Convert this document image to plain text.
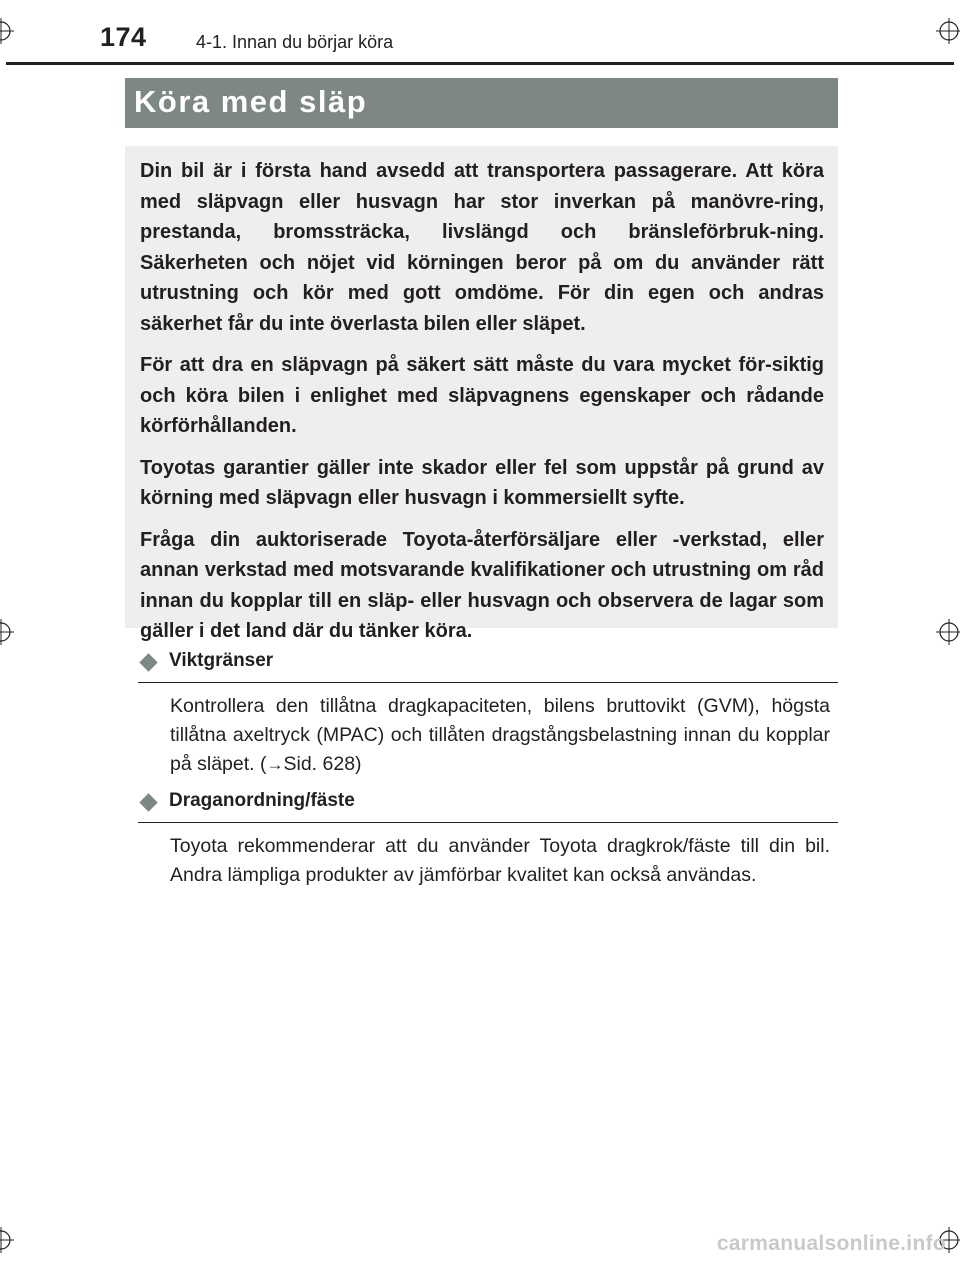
174	4-1. Innan du börjar köra
Köra med släp

Din bil är i första hand avsedd att transportera passagerare. Att köra med släpvagn eller husvagn har stor inverkan på manövre-ring, prestanda, bromssträcka, livslängd och bränsleförbruk-ning. Säkerheten och nöjet vid körningen beror på om du använder rätt utrustning och kör med gott omdöme. För din egen och andras säkerhet får du inte överlasta bilen eller släpet.

För att dra en släpvagn på säkert sätt måste du vara mycket för-siktig och köra bilen i enlighet med släpvagnens egenskaper och rådande körförhållanden.

Toyotas garantier gäller inte skador eller fel som uppstår på grund av körning med släpvagn eller husvagn i kommersiellt syfte.

Fråga din auktoriserade Toyota-återförsäljare eller -verkstad, eller annan verkstad med motsvarande kvalifikationer och utrustning om råd innan du kopplar till en släp- eller husvagn och observera de lagar som gäller i det land där du tänker köra.

Viktgränser
Kontrollera den tillåtna dragkapaciteten, bilens bruttovikt (GVM), högsta tillåtna axeltryck (MPAC) och tillåten dragstångsbelastning innan du kopplar på släpet. (→Sid. 628)
Draganordning/fäste
Toyota rekommenderar att du använder Toyota dragkrok/fäste till din bil. Andra lämpliga produkter av jämförbar kvalitet kan också användas.
carmanualsonline.info
